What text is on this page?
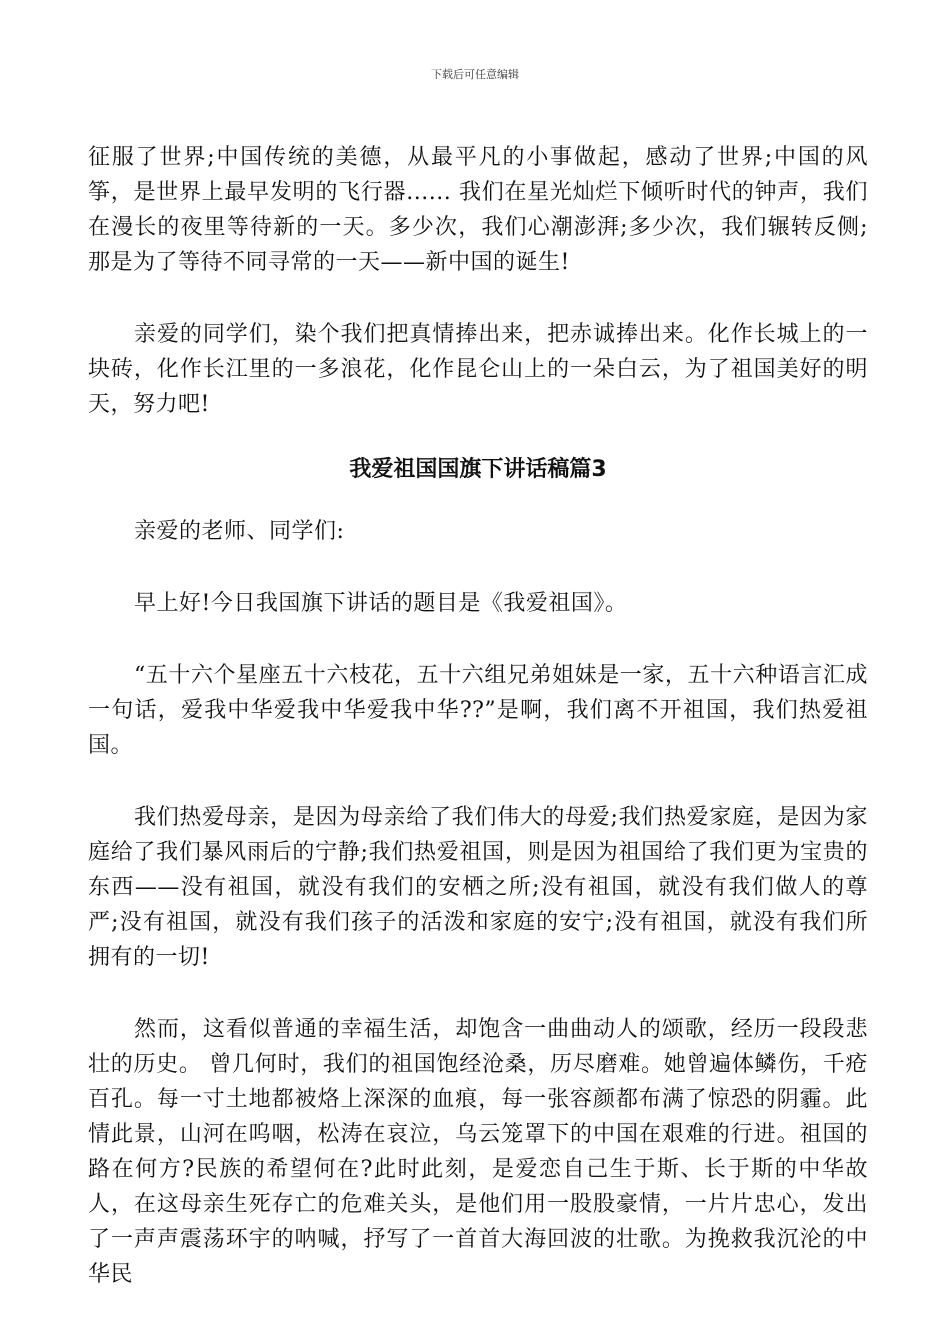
下载后可任意编辑

征服了世界;中国传统的美德，从最平凡的小事做起，感动了世界;中国的风筝，是世界上最早发明的飞行器...... 我们在星光灿烂下倾听时代的钟声，我们在漫长的夜里等待新的一天。多少次，我们心潮澎湃;多少次，我们辗转反侧;那是为了等待不同寻常的一天——新中国的诞生!

亲爱的同学们，染个我们把真情捧出来，把赤诚捧出来。化作长城上的一块砖，化作长江里的一多浪花，化作昆仑山上的一朵白云，为了祖国美好的明天，努力吧!

我爱祖国国旗下讲话稿篇3

亲爱的老师、同学们:

早上好!今日我国旗下讲话的题目是《我爱祖国》。

“五十六个星座五十六枝花，五十六组兄弟姐妹是一家，五十六种语言汇成一句话，爱我中华爱我中华爱我中华??”是啊，我们离不开祖国，我们热爱祖国。

我们热爱母亲，是因为母亲给了我们伟大的母爱;我们热爱家庭，是因为家庭给了我们暴风雨后的宁静;我们热爱祖国，则是因为祖国给了我们更为宝贵的东西——没有祖国，就没有我们的安栖之所;没有祖国，就没有我们做人的尊严;没有祖国，就没有我们孩子的活泼和家庭的安宁;没有祖国，就没有我们所拥有的一切!

然而，这看似普通的幸福生活，却饱含一曲曲动人的颂歌，经历一段段悲壮的历史。 曾几何时，我们的祖国饱经沧桑，历尽磨难。她曾遍体鳞伤，千疮百孔。每一寸土地都被烙上深深的血痕，每一张容颜都布满了惊恐的阴霾。此情此景，山河在呜咽，松涛在哀泣，乌云笼罩下的中国在艰难的行进。祖国的路在何方?民族的希望何在?此时此刻，是爱恋自己生于斯、长于斯的中华故人，在这母亲生死存亡的危难关头，是他们用一股股豪情，一片片忠心，发出了一声声震荡环宇的呐喊，抒写了一首首大海回波的壮歌。为挽救我沉沦的中华民
